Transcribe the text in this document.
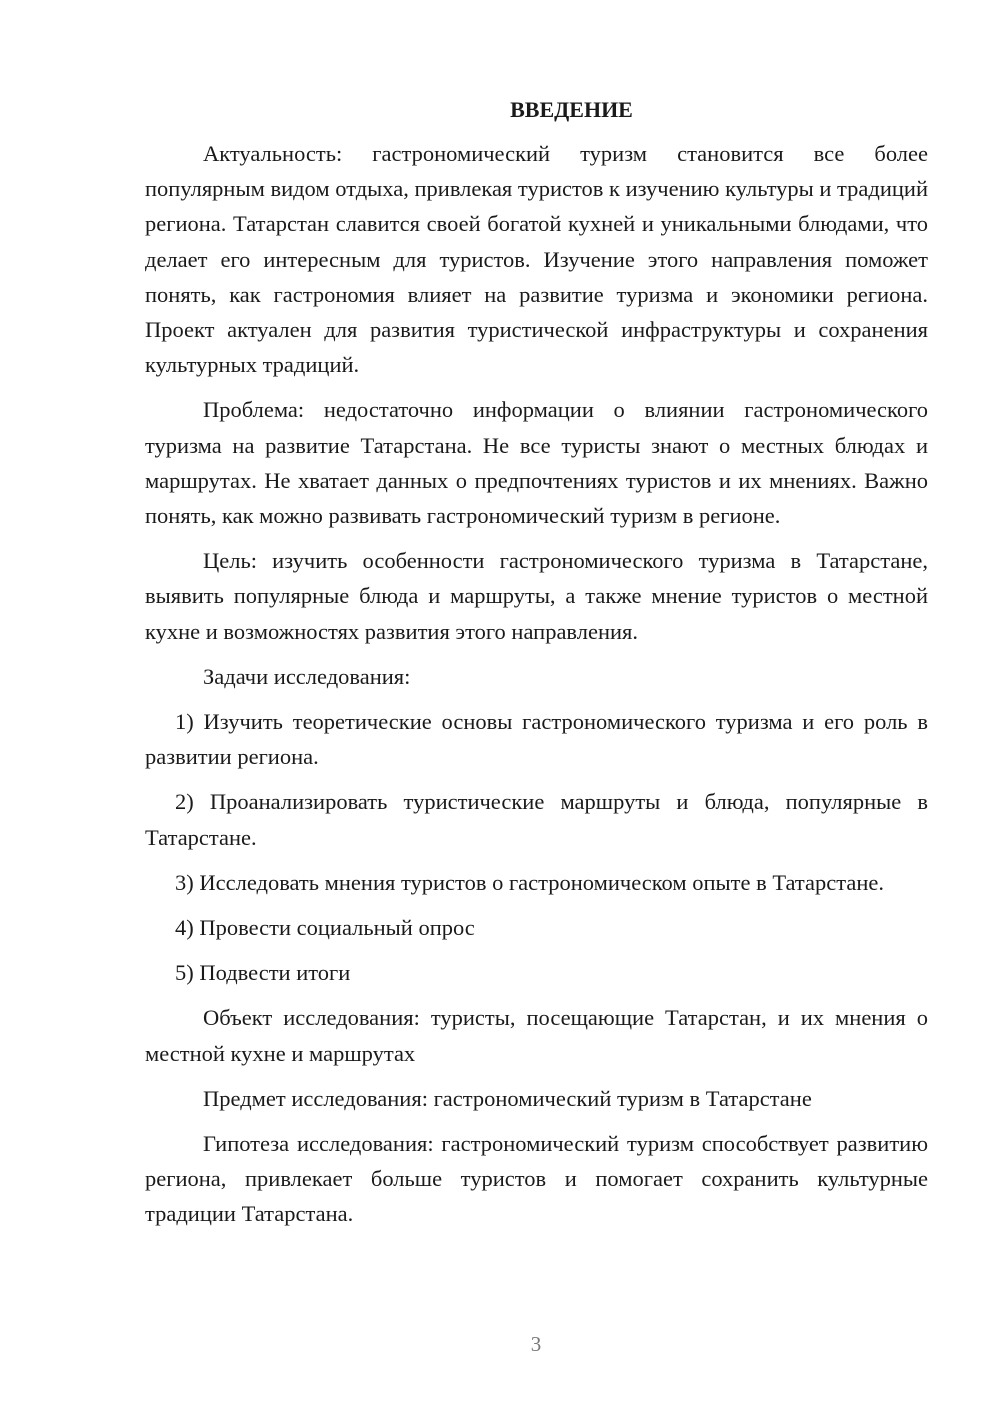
ВВЕДЕНИЕ

Актуальность: гастрономический туризм становится все более популярным видом отдыха, привлекая туристов к изучению культуры и традиций региона. Татарстан славится своей богатой кухней и уникальными блюдами, что делает его интересным для туристов. Изучение этого направления поможет понять, как гастрономия влияет на развитие туризма и экономики региона. Проект актуален для развития туристической инфраструктуры и сохранения культурных традиций.

Проблема: недостаточно информации о влиянии гастрономического туризма на развитие Татарстана. Не все туристы знают о местных блюдах и маршрутах. Не хватает данных о предпочтениях туристов и их мнениях. Важно понять, как можно развивать гастрономический туризм в регионе.

Цель: изучить особенности гастрономического туризма в Татарстане, выявить популярные блюда и маршруты, а также мнение туристов о местной кухне и возможностях развития этого направления.

Задачи исследования:

1) Изучить теоретические основы гастрономического туризма и его роль в развитии региона.

2) Проанализировать туристические маршруты и блюда, популярные в Татарстане.

3) Исследовать мнения туристов о гастрономическом опыте в Татарстане.

4) Провести социальный опрос

5) Подвести итоги

Объект исследования: туристы, посещающие Татарстан, и их мнения о местной кухне и маршрутах

Предмет исследования: гастрономический туризм в Татарстане

Гипотеза исследования: гастрономический туризм способствует развитию региона, привлекает больше туристов и помогает сохранить культурные традиции Татарстана.

3
